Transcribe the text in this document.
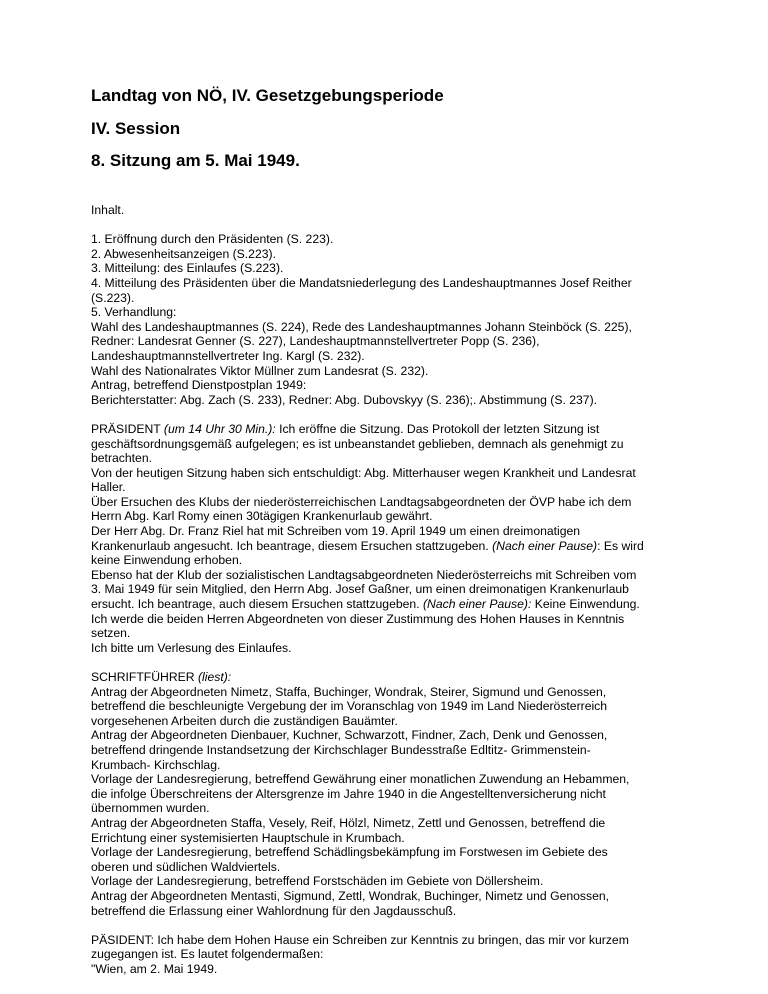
Landtag von NÖ, IV. Gesetzgebungsperiode
IV. Session
8. Sitzung am 5. Mai 1949.

Inhalt.

1. Eröffnung durch den Präsidenten (S. 223).

2. Abwesenheitsanzeigen (S.223).

3. Mitteilung: des Einlaufes (S.223).

4. Mitteilung des Präsidenten über die Mandatsniederlegung des Landeshauptmannes Josef Reither

(S.223).

5. Verhandlung:

Wahl des Landeshauptmannes (S. 224), Rede des Landeshauptmannes Johann Steinböck (S. 225),

Redner: Landesrat Genner (S. 227), Landeshauptmannstellvertreter Popp (S. 236),

Landeshauptmannstellvertreter Ing. Kargl (S. 232).

Wahl des Nationalrates Viktor Müllner zum Landesrat (S. 232).

Antrag, betreffend Dienstpostplan 1949:

Berichterstatter: Abg. Zach (S. 233), Redner: Abg. Dubovskyy (S. 236);. Abstimmung (S. 237).

PRÄSIDENT (um 14 Uhr 30 Min.): Ich eröffne die Sitzung. Das Protokoll der letzten Sitzung ist

geschäftsordnungsgemäß aufgelegen; es ist unbeanstandet geblieben, demnach als genehmigt zu

betrachten.

Von der heutigen Sitzung haben sich entschuldigt: Abg. Mitterhauser wegen Krankheit und Landesrat

Haller.

Über Ersuchen des Klubs der niederösterreichischen Landtagsabgeordneten der ÖVP habe ich dem

Herrn Abg. Karl Romy einen 30tägigen Krankenurlaub gewährt.

Der Herr Abg. Dr. Franz Riel hat mit Schreiben vom 19. April 1949 um einen dreimonatigen

Krankenurlaub angesucht. Ich beantrage, diesem Ersuchen stattzugeben. (Nach einer Pause): Es wird

keine Einwendung erhoben.

Ebenso hat der Klub der sozialistischen Landtagsabgeordneten Niederösterreichs mit Schreiben vom

3. Mai 1949 für sein Mitglied, den Herrn Abg. Josef Gaßner, um einen dreimonatigen Krankenurlaub

ersucht. Ich beantrage, auch diesem Ersuchen stattzugeben. (Nach einer Pause): Keine Einwendung.

Ich werde die beiden Herren Abgeordneten von dieser Zustimmung des Hohen Hauses in Kenntnis

setzen.

Ich bitte um Verlesung des Einlaufes.

SCHRIFTFÜHRER (liest):

Antrag der Abgeordneten Nimetz, Staffa, Buchinger, Wondrak, Steirer, Sigmund und Genossen,

betreffend die beschleunigte Vergebung der im Voranschlag von 1949 im Land Niederösterreich

vorgesehenen Arbeiten durch die zuständigen Bauämter.

Antrag der Abgeordneten Dienbauer, Kuchner, Schwarzott, Findner, Zach, Denk und Genossen,

betreffend dringende Instandsetzung der Kirchschlager Bundesstraße Edltitz- Grimmenstein-

Krumbach- Kirchschlag.

Vorlage der Landesregierung, betreffend Gewährung einer monatlichen Zuwendung an Hebammen,

die infolge Überschreitens der Altersgrenze im Jahre 1940 in die Angestelltenversicherung nicht

übernommen wurden.

Antrag der Abgeordneten Staffa, Vesely, Reif, Hölzl, Nimetz, Zettl und Genossen, betreffend die

Errichtung einer systemisierten Hauptschule in Krumbach.

Vorlage der Landesregierung, betreffend Schädlingsbekämpfung im Forstwesen im Gebiete des

oberen und südlichen Waldviertels.

Vorlage der Landesregierung, betreffend Forstschäden im Gebiete von Döllersheim.

Antrag der Abgeordneten Mentasti, Sigmund, Zettl, Wondrak, Buchinger, Nimetz und Genossen,

betreffend die Erlassung einer Wahlordnung für den Jagdausschuß.

PÄSIDENT: Ich habe dem Hohen Hause ein Schreiben zur Kenntnis zu bringen, das mir vor kurzem

zugegangen ist. Es lautet folgendermaßen:

"Wien, am 2. Mai 1949.
